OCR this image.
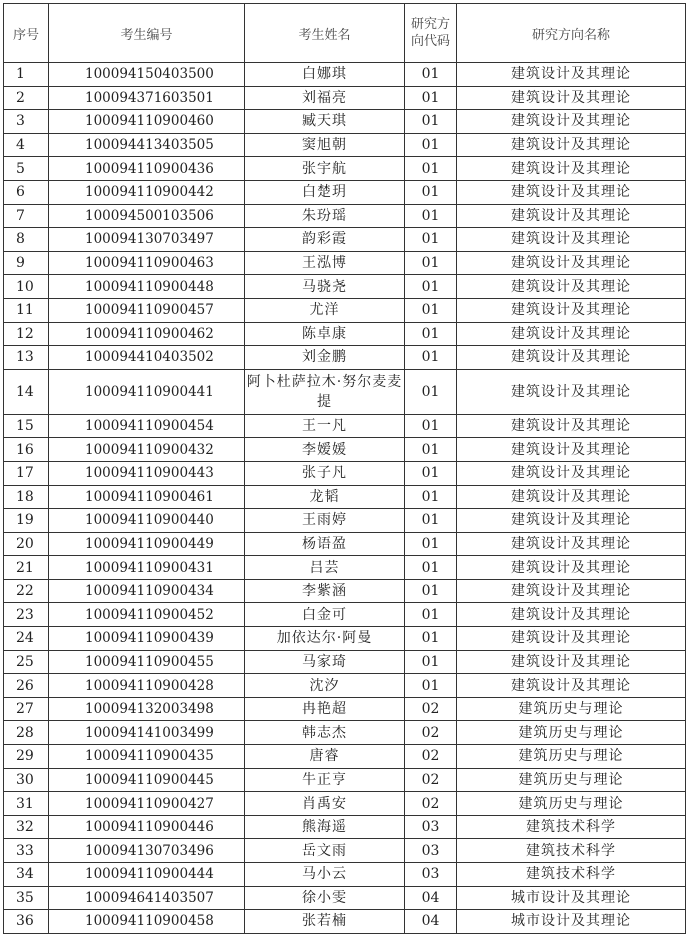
序号	考生编号	考生姓名	研究方向代码	研究方向名称
1	100094150403500	白娜琪	01	建筑设计及其理论
2	100094371603501	刘福亮	01	建筑设计及其理论
3	100094110900460	臧天琪	01	建筑设计及其理论
4	100094413403505	窦旭朝	01	建筑设计及其理论
5	100094110900436	张宇航	01	建筑设计及其理论
6	100094110900442	白楚玥	01	建筑设计及其理论
7	100094500103506	朱玢瑶	01	建筑设计及其理论
8	100094130703497	韵彩霞	01	建筑设计及其理论
9	100094110900463	王泓博	01	建筑设计及其理论
10	100094110900448	马骁尧	01	建筑设计及其理论
11	100094110900457	尤洋	01	建筑设计及其理论
12	100094110900462	陈卓康	01	建筑设计及其理论
13	100094410403502	刘金鹏	01	建筑设计及其理论
14	100094110900441	阿卜杜萨拉木·努尔麦麦提	01	建筑设计及其理论
15	100094110900454	王一凡	01	建筑设计及其理论
16	100094110900432	李嫒媛	01	建筑设计及其理论
17	100094110900443	张子凡	01	建筑设计及其理论
18	100094110900461	龙韬	01	建筑设计及其理论
19	100094110900440	王雨婷	01	建筑设计及其理论
20	100094110900449	杨语盈	01	建筑设计及其理论
21	100094110900431	吕芸	01	建筑设计及其理论
22	100094110900434	李紫涵	01	建筑设计及其理论
23	100094110900452	白金可	01	建筑设计及其理论
24	100094110900439	加依达尔·阿曼	01	建筑设计及其理论
25	100094110900455	马家琦	01	建筑设计及其理论
26	100094110900428	沈汐	01	建筑设计及其理论
27	100094132003498	冉艳超	02	建筑历史与理论
28	100094141003499	韩志杰	02	建筑历史与理论
29	100094110900435	唐睿	02	建筑历史与理论
30	100094110900445	牛正亨	02	建筑历史与理论
31	100094110900427	肖禹安	02	建筑历史与理论
32	100094110900446	熊海遥	03	建筑技术科学
33	100094130703496	岳文雨	03	建筑技术科学
34	100094110900444	马小云	03	建筑技术科学
35	100094641403507	徐小雯	04	城市设计及其理论
36	100094110900458	张若楠	04	城市设计及其理论
